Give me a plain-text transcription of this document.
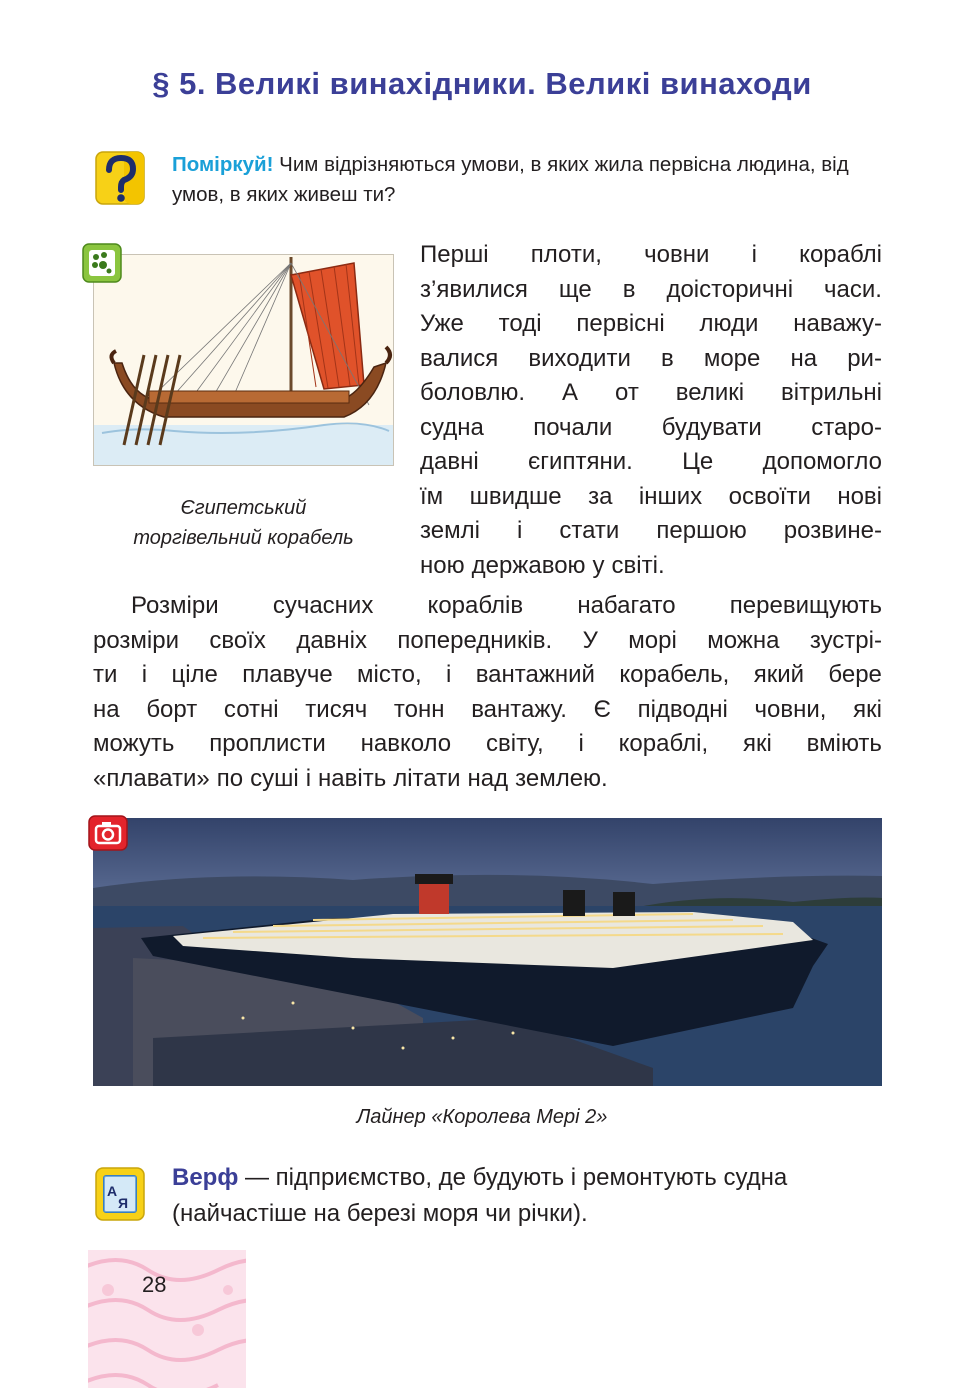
§ 5. Великі винахідники. Великі винаходи
Поміркуй! Чим відрізняються умови, в яких жила первісна людина, від умов, в яких живеш ти?
Єгипетський
торгівельний корабель
Перші плоти, човни і кораблі
з’явилися ще в доісторичні часи.
Уже тоді первісні люди наважу-
валися виходити в море на ри-
боловлю. А от великі вітрильні
судна почали будувати старо-
давні єгиптяни. Це допомогло
їм швидше за інших освоїти нові
землі і стати першою розвине-
ною державою у світі.
Розміри сучасних кораблів набагато перевищують
розміри своїх давніх попередників. У морі можна зустрі-
ти і ціле плавуче місто, і вантажний корабель, який бере
на борт сотні тисяч тонн вантажу. Є підводні човни, які
можуть проплисти навколо світу, і кораблі, які вміють
«плавати» по суші і навіть літати над землею.
Лайнер «Королева Мері 2»
А
Я
Верф — підприємство, де будують і ремонтують судна (найчастіше на березі моря чи річки).
28
